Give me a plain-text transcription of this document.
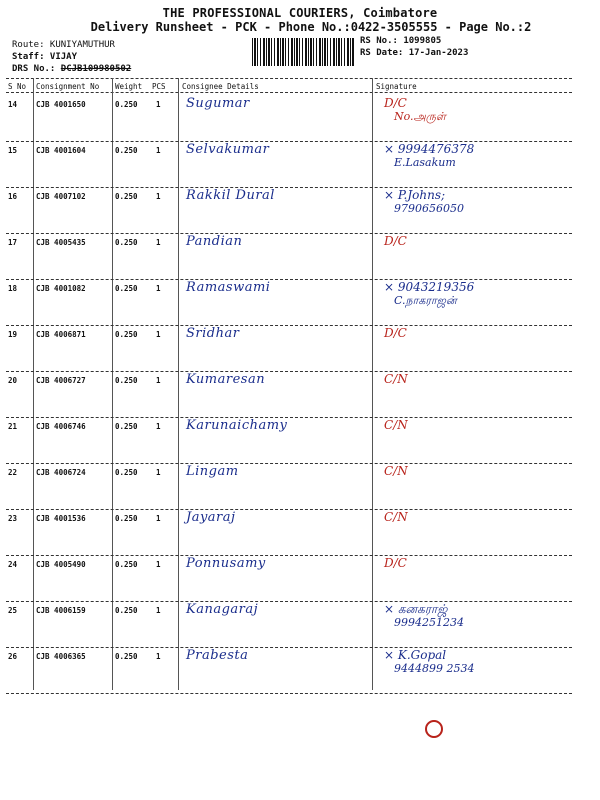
THE PROFESSIONAL COURIERS, Coimbatore
Delivery Runsheet - PCK - Phone No.:0422-3505555 - Page No.:2
Route: KUNIYAMUTHUR
Staff: VIJAY
DRS No.: DCJB109980502
RS No.: 1099805
RS Date: 17-Jan-2023
S No Consignment No Weight PCS Consignee Details	Signature
14	CJB 4001650	0.250 1 Sugumar	D/C
No.அருள்
15	CJB 4001604	0.250 1 Selvakumar	× 9994476378
E.Lasakum
16	CJB 4007102	0.250 1 Rakkil Dural	× P.Johns;
9790656050
17	CJB 4005435	0.250 1 Pandian	D/C
18	CJB 4001082	0.250 1 Ramaswami	× 9043219356
C.நாகராஜன்
19	CJB 4006871	0.250 1 Sridhar	D/C
20	CJB 4006727	0.250 1 Kumaresan	C/N
21	CJB 4006746	0.250 1 Karunaichamy	C/N
22	CJB 4006724	0.250 1 Lingam	C/N
23	CJB 4001536	0.250 1 Jayaraj	C/N
24	CJB 4005490	0.250 1 Ponnusamy	D/C
25	CJB 4006159	0.250 1 Kanagaraj	× கனகராஜ்
9994251234
26	CJB 4006365	0.250 1 Prabesta	× K.Gopal
9444899 2534
